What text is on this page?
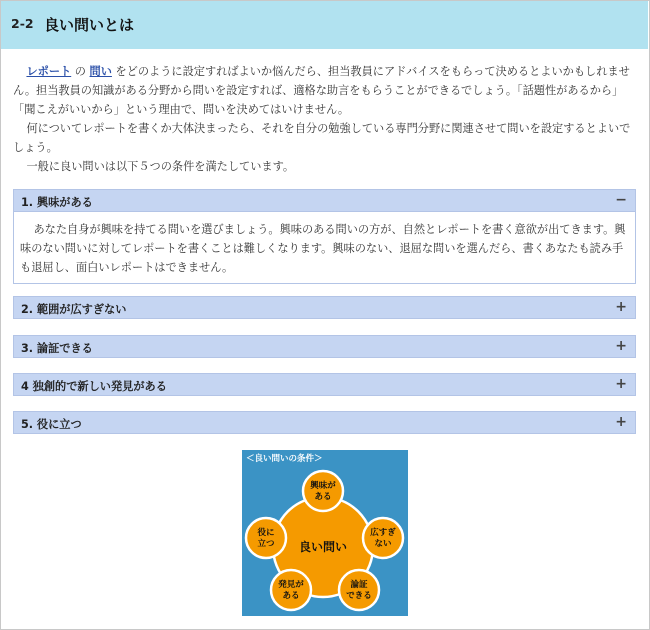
2-2 良い問いとは

レポート の 問い をどのように設定すればよいか悩んだら、担当教員にアドバイスをもらって決めるとよいかもしれません。担当教員の知識がある分野から問いを設定すれば、適格な助言をもらうことができるでしょう。「話題性があるから」「聞こえがいいから」という理由で、問いを決めてはいけません。

何についてレポートを書くか大体決まったら、それを自分の勉強している専門分野に関連させて問いを設定するとよいでしょう。

一般に良い問いは以下５つの条件を満たしています。

1. 興味がある	−

あなた自身が興味を持てる問いを選びましょう。興味のある問いの方が、自然とレポートを書く意欲が出てきます。興味のない問いに対してレポートを書くことは難しくなります。興味のない、退屈な問いを選んだら、書くあなたも読み手も退屈し、面白いレポートはできません。

2. 範囲が広すぎない	+
3. 論証できる	+
4 独創的で新しい発見がある	+
5. 役に立つ	+
＜良い問いの条件＞
良い問い
興味が
ある
広すぎ
ない
論証
できる
発見が
ある
役に
立つ
